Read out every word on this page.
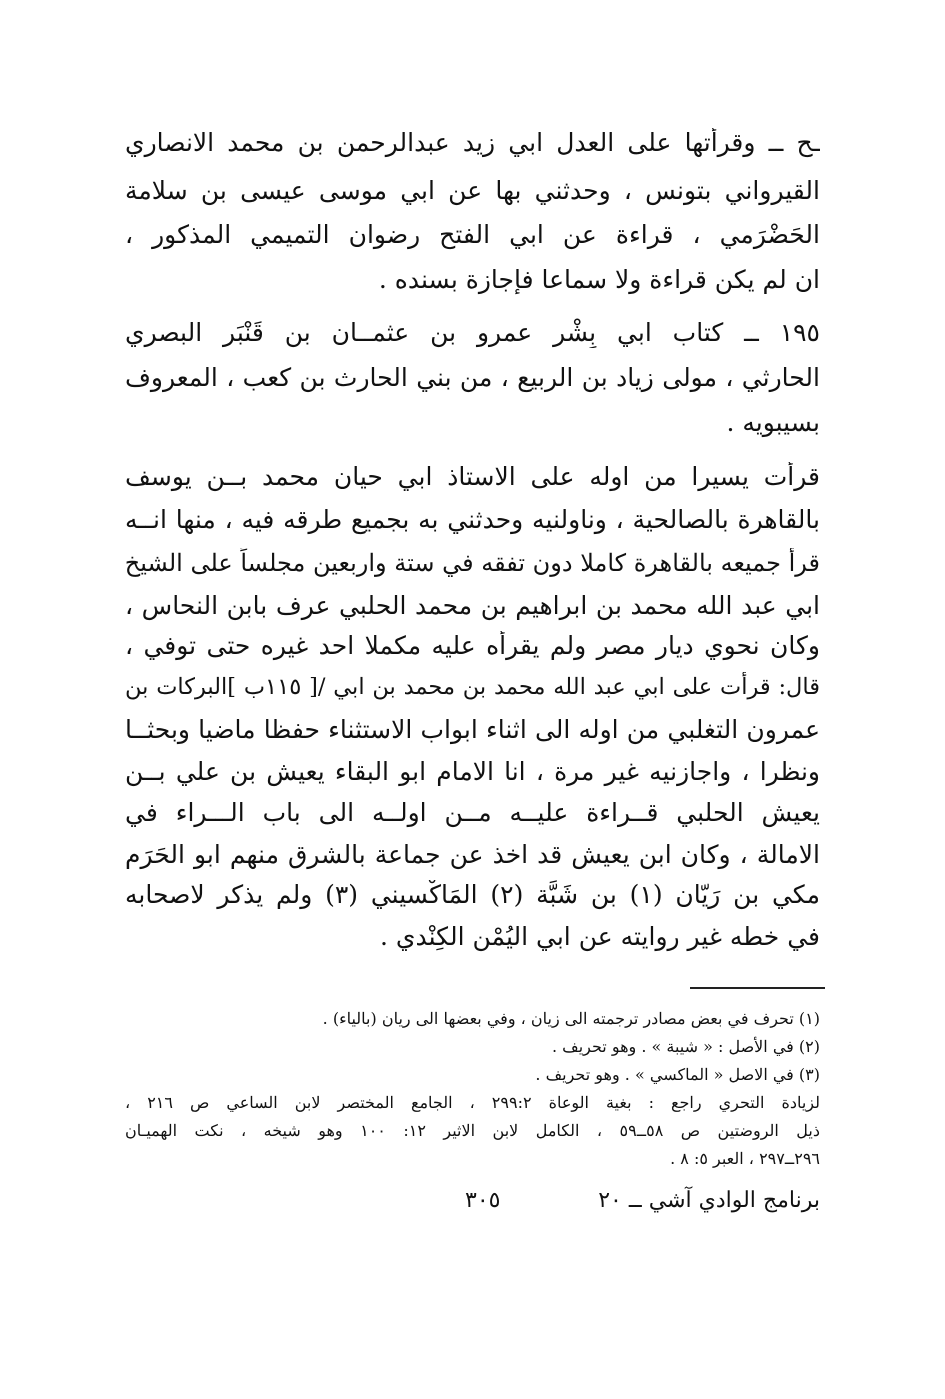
ـح ــ وقرأتها على العدل ابي زيد عبدالرحمن بن محمد الانصاري
القيرواني بتونس ، وحدثني بها عن ابي موسى عيسى بن سلامة
الحَضْرَمي ، قراءة عن ابي الفتح رضوان التميمي المذكور ،
ان لم يكن قراءة ولا سماعا فإجازة بسنده .
١٩٥ ــ كتاب ابي بِشْر عمرو بن عثمــان بن قَنْبَر البصري
الحارثي ، مولى زياد بن الربيع ، من بني الحارث بن كعب ، المعروف
بسيبويه .
قرأت يسيرا من اوله على الاستاذ ابي حيان محمد بــن يوسف
بالقاهرة بالصالحية ، وناولنيه وحدثني به بجميع طرقه فيه ، منها انــه
قرأ جميعه بالقاهرة كاملا دون تفقه في ستة واربعين مجلساً على الشيخ
ابي عبد الله محمد بن ابراهيم بن محمد الحلبي عرف بابن النحاس ،
وكان نحوي ديار مصر ولم يقرأه عليه مكملا احد غيره حتى توفي ،
قال: قرأت على ابي عبد الله محمد بن محمد بن ابي /[ ١١٥ب ]البركات بن
عمرون التغلبي من اوله الى اثناء ابواب الاستثناء حفظا ماضيا وبحثــا
ونظرا ، واجازنيه غير مرة ، انا الامام ابو البقاء يعيش بن علي بــن
يعيش الحلبي قــراءة عليــه مــن اولــه الى باب الـــراء في
الامالة ، وكان ابن يعيش قد اخذ عن جماعة بالشرق منهم ابو الحَرَم
مكي بن رَيّان (١) بن شَبَّة (٢) المَاكْسيني (٣) ولم يذكر لاصحابه
في خطه غير روايته عن ابي اليُمْن الكِنْدي .
(١) تحرف في بعض مصادر ترجمته الى زيان ، وفي بعضها الى ريان (بالياء) .
(٢) في الأصل : « شيبة » . وهو تحريف .
(٣) في الاصل « الماكسي » . وهو تحريف .
لزيادة التحري راجع : بغية الوعاة ٢٩٩:٢ ، الجامع المختصر لابن الساعي ص ٢١٦ ،
ذيل الروضتين ص ٥٨ــ٥٩ ، الكامل لابن الاثير ١٢: ١٠٠ وهو شيخه ، نكت الهميـان
٢٩٦ــ٢٩٧ ، العبر ٥: ٨ .
برنامج الوادي آشي ــ ٢٠
٣٠٥
